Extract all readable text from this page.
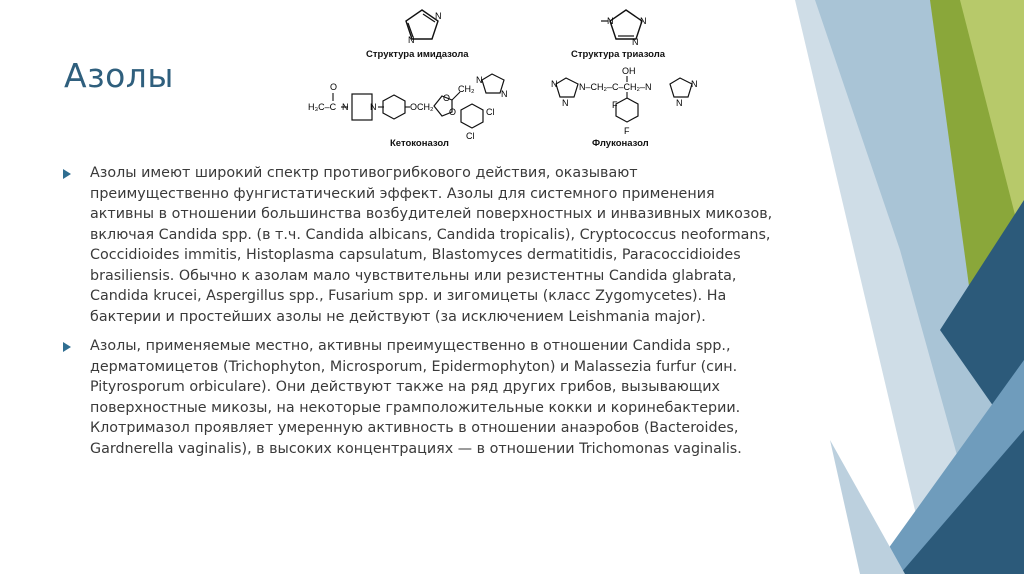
Азолы
N
N
Структура имидазола
N	N
N
Структура триазола
H₃C–C
O
N N	OCH₂
O
O
CH₂
N
N
Cl
Cl
Кетоконазол
N
N
OH
N–CH₂–C–CH₂–N	N
N
F
F
Флуконазол

Азолы имеют широкий спектр противогрибкового действия, оказывают преимущественно фунгистатический эффект. Азолы для системного применения активны в отношении большинства возбудителей поверхностных и инвазивных микозов, включая Candida spp. (в т.ч. Candida albicans, Candida tropicalis), Cryptococcus neoformans, Coccidioides immitis, Histoplasma capsulatum, Blastomyces dermatitidis, Paracoccidioides brasiliensis. Обычно к азолам мало чувствительны или резистентны Candida glabrata, Candida krucei, Aspergillus spp., Fusarium spp. и зигомицеты (класс Zygomycetes). На бактерии и простейших азолы не действуют (за исключением Leishmania major).

Азолы, применяемые местно, активны преимущественно в отношении Candida spp., дерматомицетов (Trichophyton, Microsporum, Epidermophyton) и Malassezia furfur (син. Pityrosporum orbiculare). Они действуют также на ряд других грибов, вызывающих поверхностные микозы, на некоторые грамположительные кокки и коринебактерии. Клотримазол проявляет умеренную активность в отношении анаэробов (Bacteroides, Gardnerella vaginalis), в высоких концентрациях — в отношении Trichomonas vaginalis.
